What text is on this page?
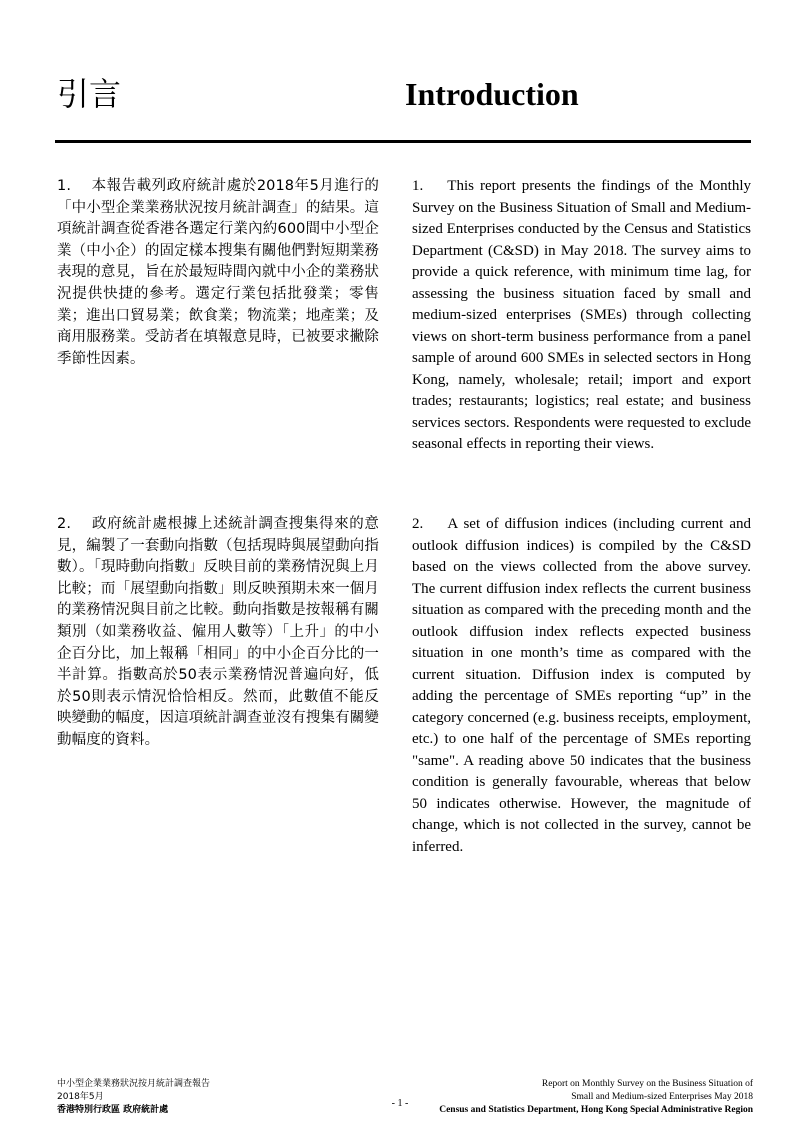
引言	Introduction

1. 本報告載列政府統計處於2018年5月進行的「中小型企業業務狀況按月統計調查」的結果。這項統計調查從香港各選定行業內約600間中小型企業（中小企）的固定樣本搜集有關他們對短期業務表現的意見，旨在於最短時間內就中小企的業務狀況提供快捷的參考。選定行業包括批發業；零售業；進出口貿易業；飲食業；物流業；地產業；及商用服務業。受訪者在填報意見時，已被要求撇除季節性因素。

2. 政府統計處根據上述統計調查搜集得來的意見，編製了一套動向指數（包括現時與展望動向指數）。「現時動向指數」反映目前的業務情況與上月比較；而「展望動向指數」則反映預期未來一個月的業務情況與目前之比較。動向指數是按報稱有關類別（如業務收益、僱用人數等）「上升」的中小企百分比，加上報稱「相同」的中小企百分比的一半計算。指數高於50表示業務情況普遍向好，低於50則表示情況恰恰相反。然而，此數值不能反映變動的幅度，因這項統計調查並沒有搜集有關變動幅度的資料。

1. This report presents the findings of the Monthly Survey on the Business Situation of Small and Medium-sized Enterprises conducted by the Census and Statistics Department (C&SD) in May 2018. The survey aims to provide a quick reference, with minimum time lag, for assessing the business situation faced by small and medium-sized enterprises (SMEs) through collecting views on short-term business performance from a panel sample of around 600 SMEs in selected sectors in Hong Kong, namely, wholesale; retail; import and export trades; restaurants; logistics; real estate; and business services sectors. Respondents were requested to exclude seasonal effects in reporting their views.

2. A set of diffusion indices (including current and outlook diffusion indices) is compiled by the C&SD based on the views collected from the above survey. The current diffusion index reflects the current business situation as compared with the preceding month and the outlook diffusion index reflects expected business situation in one month’s time as compared with the current situation. Diffusion index is computed by adding the percentage of SMEs reporting “up” in the category concerned (e.g. business receipts, employment, etc.) to one half of the percentage of SMEs reporting "same". A reading above 50 indicates that the business condition is generally favourable, whereas that below 50 indicates otherwise. However, the magnitude of change, which is not collected in the survey, cannot be inferred.

中小型企業業務狀況按月統計調查報告
2018年5月
香港特別行政區 政府統計處
- 1 -
Report on Monthly Survey on the Business Situation of
Small and Medium-sized Enterprises May 2018
Census and Statistics Department, Hong Kong Special Administrative Region
